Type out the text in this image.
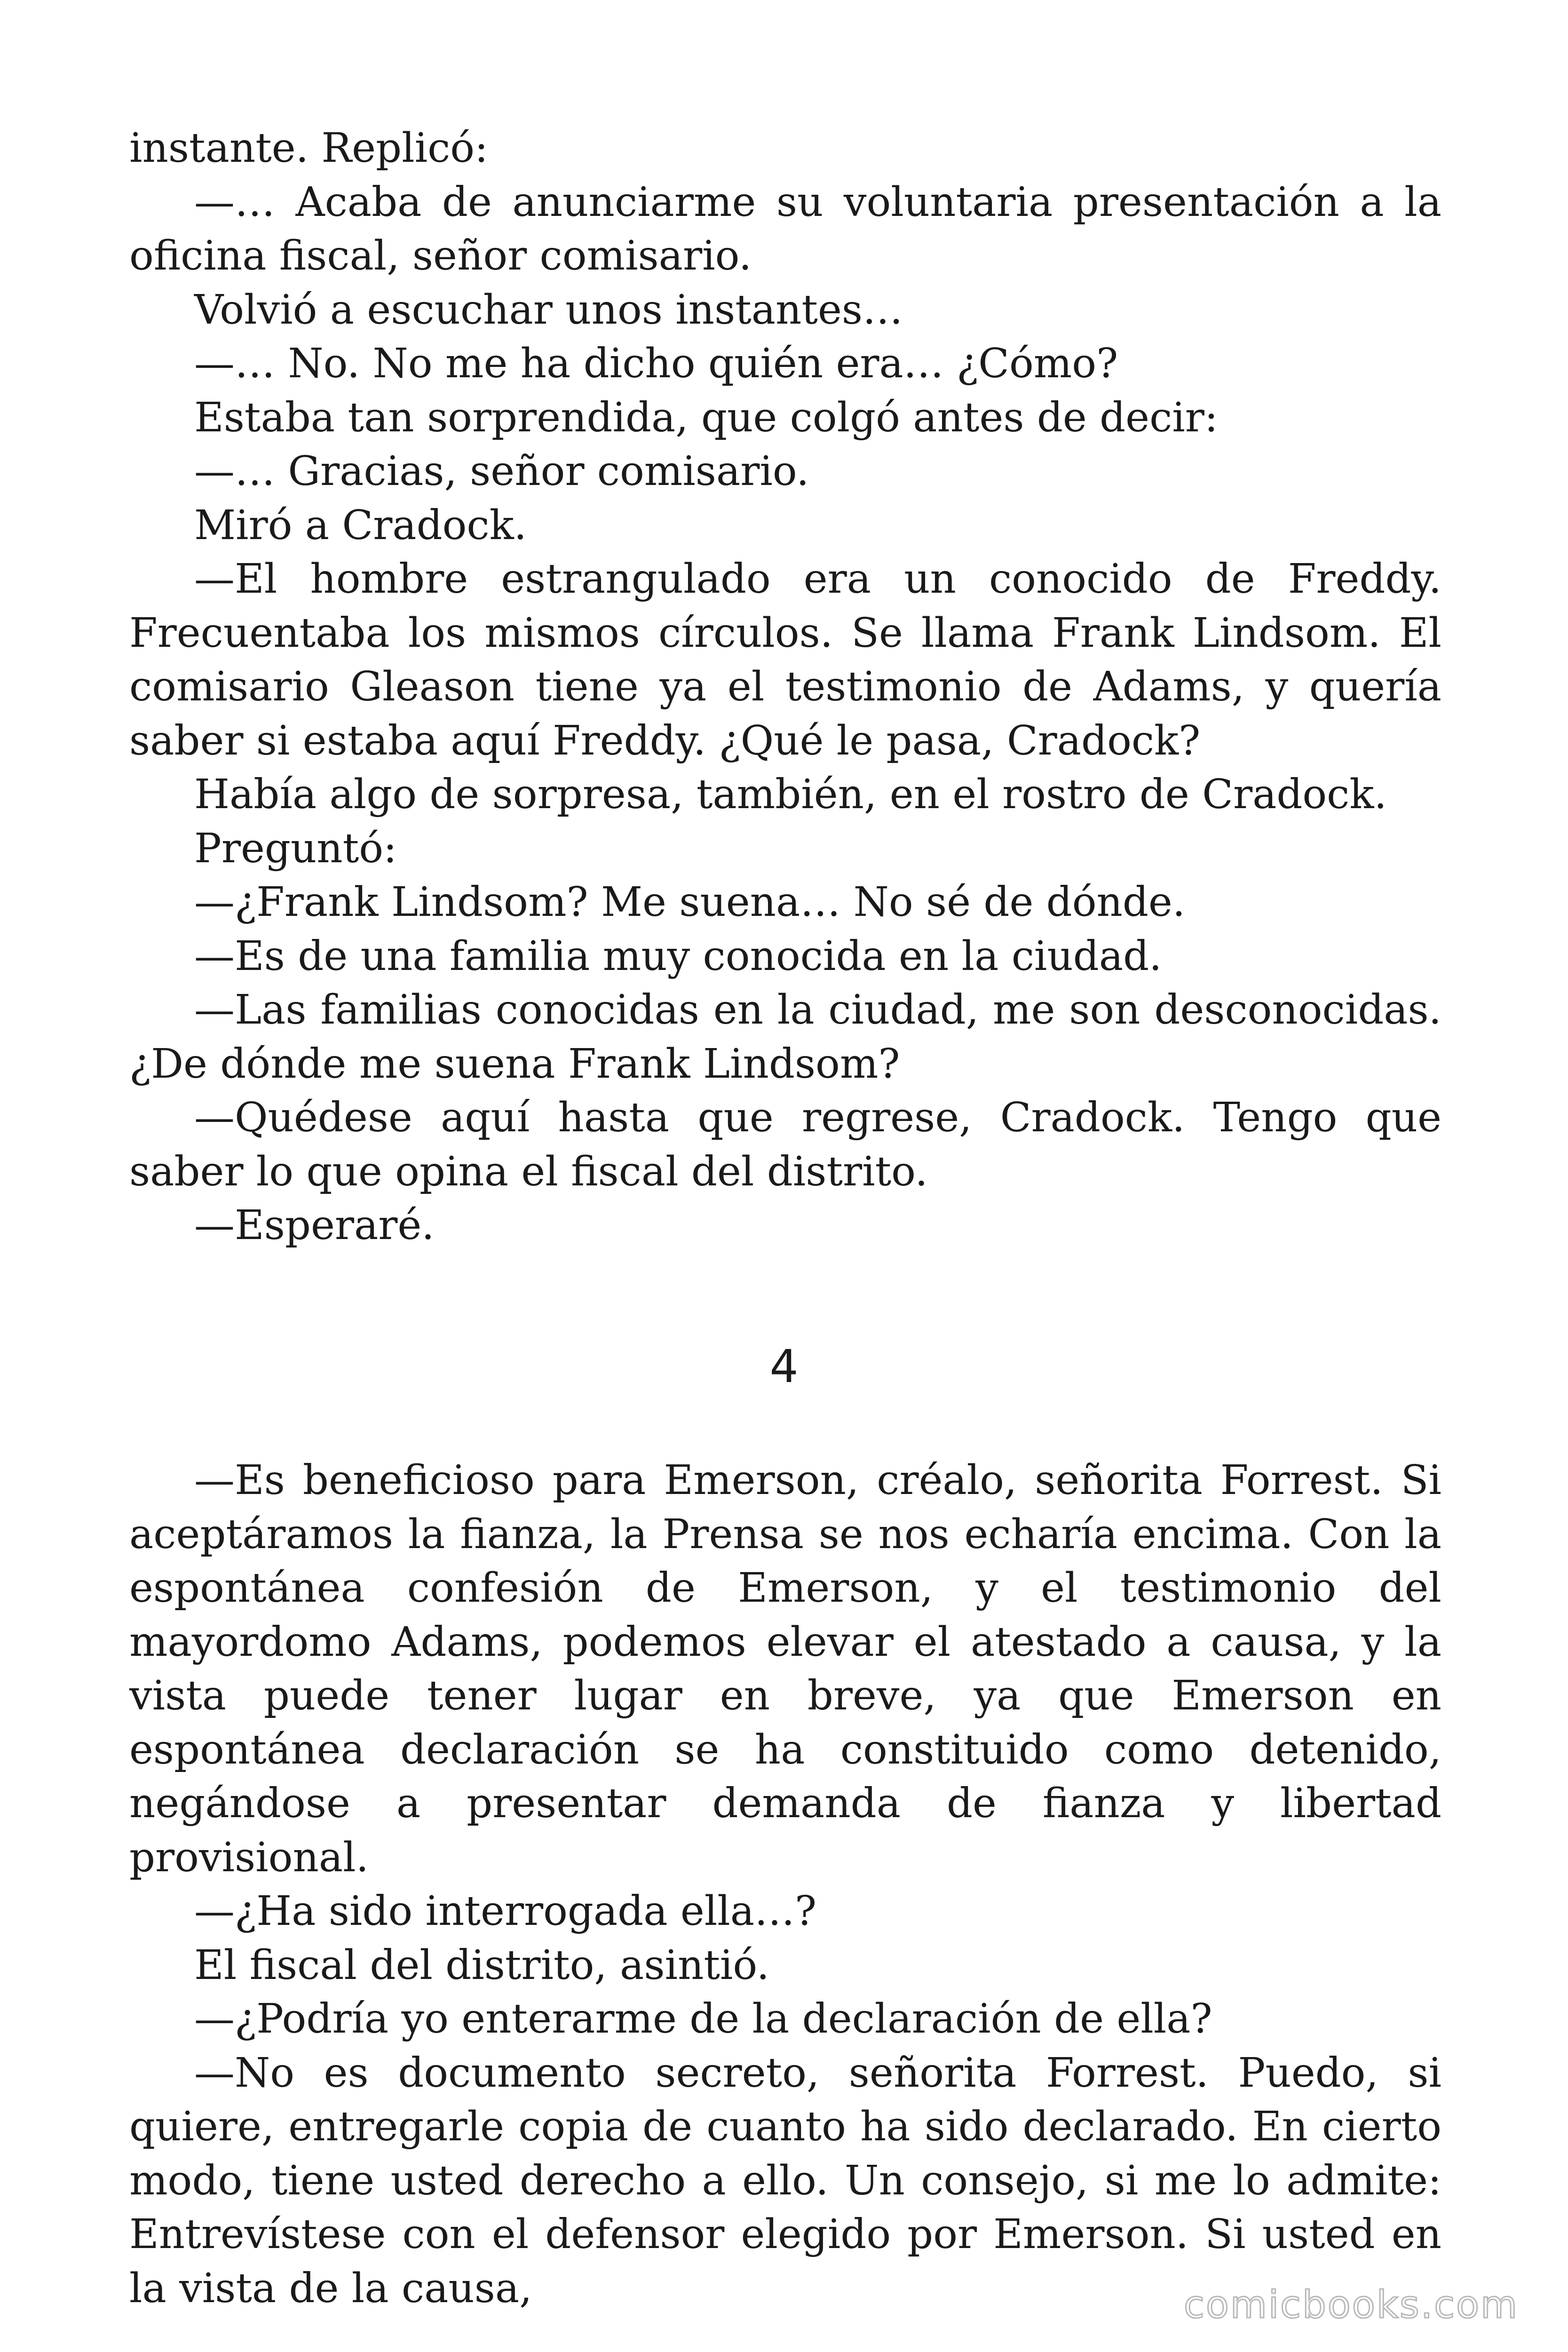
instante. Replicó:

—… Acaba de anunciarme su voluntaria presentación a la oficina fiscal, señor comisario.

Volvió a escuchar unos instantes…

—… No. No me ha dicho quién era… ¿Cómo?

Estaba tan sorprendida, que colgó antes de decir:

—… Gracias, señor comisario.

Miró a Cradock.

—El hombre estrangulado era un conocido de Freddy. Frecuentaba los mismos círculos. Se llama Frank Lindsom. El comisario Gleason tiene ya el testimonio de Adams, y quería saber si estaba aquí Freddy. ¿Qué le pasa, Cradock?

Había algo de sorpresa, también, en el rostro de Cradock.

Preguntó:

—¿Frank Lindsom? Me suena… No sé de dónde.

—Es de una familia muy conocida en la ciudad.

—Las familias conocidas en la ciudad, me son desconocidas. ¿De dónde me suena Frank Lindsom?

—Quédese aquí hasta que regrese, Cradock. Tengo que saber lo que opina el fiscal del distrito.

—Esperaré.

4

—Es beneficioso para Emerson, créalo, señorita Forrest. Si aceptáramos la fianza, la Prensa se nos echaría encima. Con la espontánea confesión de Emerson, y el testimonio del mayordomo Adams, podemos elevar el atestado a causa, y la vista puede tener lugar en breve, ya que Emerson en espontánea declaración se ha constituido como detenido, negándose a presentar demanda de fianza y libertad provisional.

—¿Ha sido interrogada ella…?

El fiscal del distrito, asintió.

—¿Podría yo enterarme de la declaración de ella?

—No es documento secreto, señorita Forrest. Puedo, si quiere, entregarle copia de cuanto ha sido declarado. En cierto modo, tiene usted derecho a ello. Un consejo, si me lo admite: Entrevístese con el defensor elegido por Emerson. Si usted en la vista de la causa,	comicbooks.com
